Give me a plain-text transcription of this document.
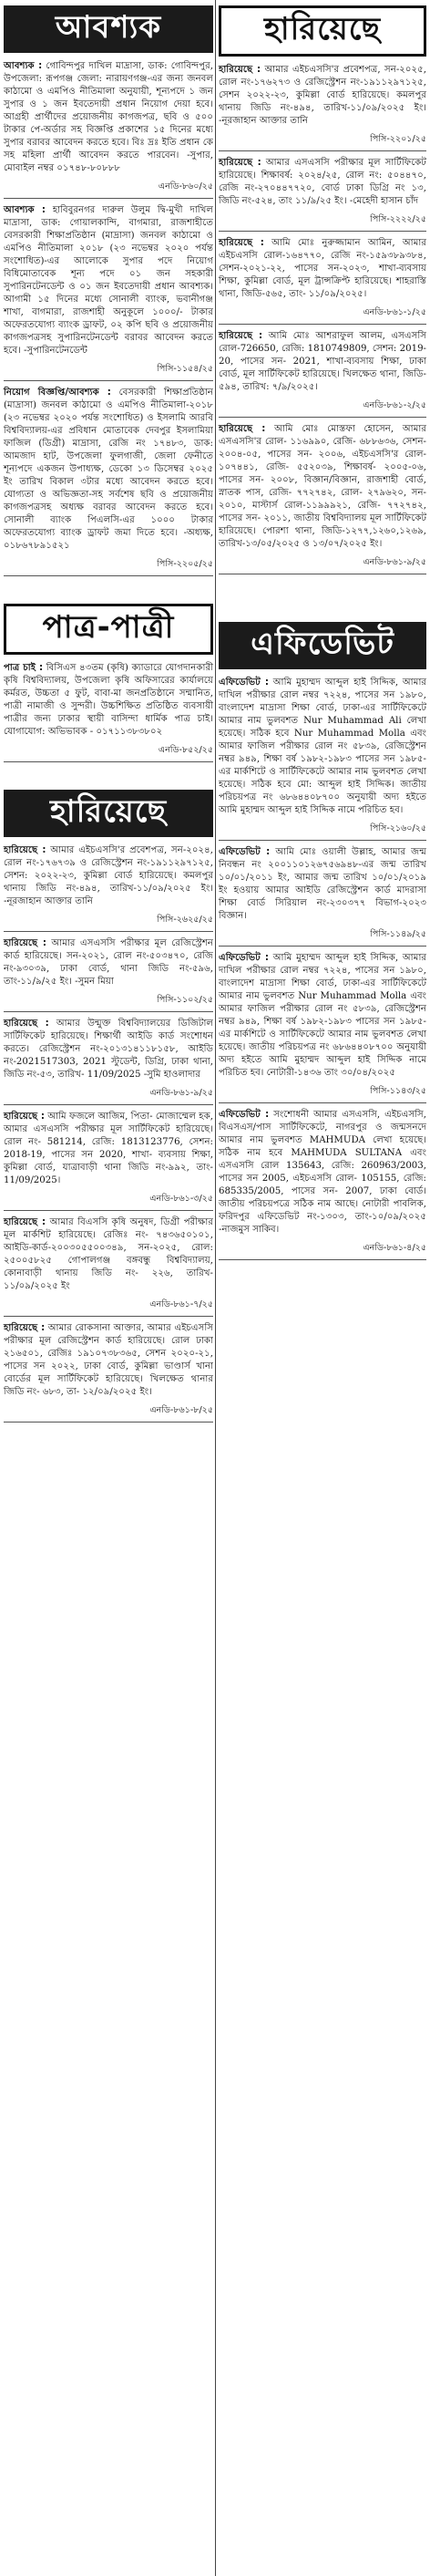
আবশ্যক
আবশ্যক : গোবিন্দপুর দাখিল মাদ্রাসা, ডাক: গোবিন্দপুর, উপজেলা: রূপগঞ্জ জেলা: নারায়ণগঞ্জ-এর জন্য জনবল কাঠামো ও এমপিও নীতিমালা অনুযায়ী, শূন্যপদে ১ জন সুপার ও ১ জন ইবতেদায়ী প্রধান নিয়োগ দেয়া হবে। আগ্রহী প্রার্থীদের প্রয়োজনীয় কাগজপত্র, ছবি ও ৫০০ টাকার পে-অর্ডার সহ বিজ্ঞপ্তি প্রকাশের ১৫ দিনের মধ্যে সুপার বরাবর আবেদন করতে হবে। বিঃ দ্রঃ ইতি প্রধান কে সহ মহিলা প্রার্থী আবেদন করতে পারবেন। -সুপার, মোবাইল নম্বর ০১৭৪৮-৮০৮৮৮
এনডি-৮৬০/২৫
আবশ্যক : হাবিবুরনগর দারুল উলুম দ্বি-মুখী দাখিল মাদ্রাসা, ডাক: গোয়ালকান্দি, বাগমারা, রাজশাহীতে বেসরকারী শিক্ষাপ্রতিষ্ঠান (মাদ্রাসা) জনবল কাঠামো ও এমপিও নীতিমালা ২০১৮ (২৩ নভেম্বর ২০২০ পর্যন্ত সংশোধিত)-এর আলোকে সুপার পদে নিয়োগ বিধিমোতাবেক শূন্য পদে ০১ জন সহকারী সুপারিনটেনডেন্ট ও ০১ জন ইবতেদায়ী প্রধান আবশ্যক। আগামী ১৫ দিনের মধ্যে সোনালী ব্যাংক, ভবানীগঞ্জ শাখা, বাগমারা, রাজশাহী অনুকূলে ১০০০/- টাকার অফেরতযোগ্য ব্যাংক ড্রাফট, ০২ কপি ছবি ও প্রয়োজনীয় কাগজপত্রসহ সুপারিনটেনডেন্ট বরাবর আবেদন করতে হবে। -সুপারিনটেনডেন্ট
পিসি-১১৫৪/২৫
নিয়োগ বিজ্ঞপ্তি/আবশ্যক : বেসরকারী শিক্ষাপ্রতিষ্ঠান (মাদ্রাসা) জনবল কাঠামো ও এমপিও নীতিমালা-২০১৮ (২৩ নভেম্বর ২০২০ পর্যন্ত সংশোধিত) ও ইসলামি আরবি বিশ্ববিদ্যালয়-এর প্রবিধান মোতাবেক দেবপুর ইসলামিয়া ফাজিল (ডিগ্রী) মাদ্রাসা, রেজি নং ১৭৪৮৩, ডাক: আমজাদ হাট, উপজেলা ফুলগাজী, জেলা ফেনীতে শূন্যপদে একজন উপাধ্যক্ষ, ডেকো ১৩ ডিসেম্বর ২০২৫ ইং তারিখ বিকাল ৩টার মধ্যে আবেদন করতে হবে। যোগ্যতা ও অভিজ্ঞতা-সহ সর্বশেষ ছবি ও প্রয়োজনীয় কাগজপত্রসহ অধ্যক্ষ বরাবর আবেদন করতে হবে। সোনালী ব্যাংক পিএলসি-এর ১০০০ টাকার অফেরতযোগ্য ব্যাংক ড্রাফট জমা দিতে হবে। -অধ্যক্ষ, ০১৮৬৭৮৯১৫২১
পিসি-২২০৫/২৫
পাত্র-পাত্রী
পাত্র চাই : বিসিএস ৪৩তম (কৃষি) ক্যাডারে যোগদানকারী কৃষি বিশ্ববিদ্যালয়, উপজেলা কৃষি অফিসারের কার্যালয়ে কর্মরত, উচ্চতা ৫ ফুট, বাবা-মা জনপ্রতিষ্ঠানে সম্মানিত, পাত্রী নামাজী ও সুন্দরী। উচ্চশিক্ষিত প্রতিষ্ঠিত ব্যবসায়ী পাত্রীর জন্য ঢাকার স্থায়ী বাসিন্দা ধার্মিক পাত্র চাই। যোগাযোগ: অভিভাবক - ০১৭১১৩৮৩৮০২
এনডি-৮৫২/২৫
হারিয়েছে
হারিয়েছে : আমার এইচএসসি'র প্রবেশপত্র, সন-২০২৪, রোল নং-১৭৬৭৩৯ ও রেজিস্ট্রেশন নং-১৯১১২৯৭১২৫, সেশন: ২০২২-২৩, কুমিল্লা বোর্ড হারিয়েছে। কমলপুর থানায় জিডি নং-৪৯৪, তারিখ-১১/০৯/২০২৫ ইং। -নূরজাহান আক্তার তানি
পিসি-২৬২৫/২৫
হারিয়েছে : আমার এসএসসি পরীক্ষার মূল রেজিস্ট্রেশন কার্ড হারিয়েছে। সন-২০২১, রোল নং-৫০৩৪৭০, রেজি নং-৯৩০৩৯, ঢাকা বোর্ড, থানা জিডি নং-৫৯৬, তাং-১১/৯/২৫ ইং। -সুমন মিয়া
পিসি-১১০২/২৫
হারিয়েছে : আমার উন্মুক্ত বিশ্ববিদ্যালয়ের ডিজিটাল সার্টিফিকেট হারিয়েছে। শিক্ষার্থী আইডি কার্ড সংশোধন করতে। রেজিস্ট্রেশন নং-২০১৩১৪১১৮১৫৮, আইডি নং-2021517303, 2021 স্টুডেন্ট, ডিগ্রি, ঢাকা থানা, জিডি নং-৫৩, তারিখ- 11/09/2025 -সুমি হাওলাদার
এনডি-৮৬১-৯/২৫
হারিয়েছে : আমি ফজলে আজিম, পিতা- মোজাম্মেল হক, আমার এসএসসি পরীক্ষার মূল সার্টিফিকেট হারিয়েছে। রোল নং- 581214, রেজি: 1813123776, সেশন: 2018-19, পাসের সন 2020, শাখা- ব্যবসায় শিক্ষা, কুমিল্লা বোর্ড, যাত্রাবাড়ী থানা জিডি নং-৯৯২, তাং- 11/09/2025।
এনডি-৮৬১-৩/২৫
হারিয়েছে : আমার বিএসসি কৃষি অনুষদ, ডিগ্রী পরীক্ষার মূল মার্কশিট হারিয়েছে। রেজিঃ নং- ৭৪৩৬৫০১০১, আইডি-কার্ড-২০০৩০৫৫০০৩৪৯, সন-২০২৫, রোল: ২৫০০৫৮২৫ গোপালগঞ্জ বঙ্গবন্ধু বিশ্ববিদ্যালয়, কোনাবাড়ী থানায় জিডি নং- ২২৬, তারিখ- ১১/০৯/২০২৫ ইং
এনডি-৮৬১-৭/২৫
হারিয়েছে : আমার রোকসানা আক্তার, আমার এইচএসসি পরীক্ষার মূল রেজিস্ট্রেশন কার্ড হারিয়েছে। রোল ঢাকা ২১৬৫০১, রেজিঃ ১৯১০৭৩৮৩৬৫, সেশন ২০২০-২১, পাসের সন ২০২২, ঢাকা বোর্ড, কুমিল্লা ভাণ্ডার্স খানা বোর্ডের মূল সার্টিফিকেট হারিয়েছে। খিলক্ষেত থানার জিডি নং- ৬৮৩, তা- ১২/০৯/২০২৫ ইং।
এনডি-৮৬১-৮/২৫
হারিয়েছে
হারিয়েছে : আমার এইচএসসি'র প্রবেশপত্র, সন-২০২৫, রোল নং-১৭৬২৭৩ ও রেজিস্ট্রেশন নং-১৯১১২৯৭১২৫, সেশন ২০২২-২৩, কুমিল্লা বোর্ড হারিয়েছে। কমলপুর থানায় জিডি নং-৪৯৪, তারিখ-১১/০৯/২০২৫ ইং। -নূরজাহান আক্তার তানি
পিসি-২২০১/২৫
হারিয়েছে : আমার এসএসসি পরীক্ষার মূল সার্টিফিকেট হারিয়েছে। শিক্ষাবর্ষ: ২০২৪/২৫, রোল নং: ৫০৪৪৭০, রেজি নং-২৭০৪৪৭৭২০, বোর্ড ঢাকা ডিগ্রি নং ১৩, জিডি নং-৫২৪, তাং ১১/৯/২৫ ইং। -মেহেদী হাসান চাঁদ
পিসি-২২২২/২৫
হারিয়েছে : আমি মোঃ নুরুজ্জামান আমিন, আমার এইচএসসি রোল-১৬৪৭৭০, রেজি নং-১৫৯৩৮৯৩৮৪, সেশন-২০২১-২২, পাসের সন-২০২৩, শাখা-ব্যবসায় শিক্ষা, কুমিল্লা বোর্ড, মূল ট্রান্সক্রিপ্ট হারিয়েছে। শাহরাস্তি থানা, জিডি-৫৬৫, তাং- ১১/০৯/২০২৫।
এনডি-৮৬১-১/২৫
হারিয়েছে : আমি মোঃ আশরাফুল আলম, এসএসসি রোল-726650, রেজি: 1810749809, সেশন: 2019-20, পাসের সন- 2021, শাখা-ব্যবসায় শিক্ষা, ঢাকা বোর্ড, মূল সার্টিফিকেট হারিয়েছে। খিলক্ষেত থানা, জিডি- ৫৯৪, তারিখ: ৭/৯/২০২৫।
এনডি-৮৬১-২/২৫
হারিয়েছে : আমি মোঃ মোস্তফা হোসেন, আমার এসএসসি'র রোল- ১১৬৯৯০, রেজি- ৬৮৮৬৩৬, সেশন- ২০০৪-০৫, পাসের সন- ২০০৬, এইচএসসি'র রোল- ১০৭৪৪১, রেজি- ৫৫২০৩৯, শিক্ষাবর্ষ- ২০০৫-০৬, পাসের সন- ২০০৮, বিজ্ঞান/বিজ্ঞান, রাজশাহী বোর্ড, স্নাতক পাস, রেজি- ৭৭২৭৪২, রোল- ২৭৯৬২০, সন- ২০১০, মাস্টার্স রোল-১১৯৯৯২১, রেজি- ৭৭২৭৪২, পাসের সন- ২০১১, জাতীয় বিশ্ববিদ্যালয় মূল সার্টিফিকেট হারিয়েছে। পোরশা থানা, জিডি-১২৭৭,১২৬০,১২৬৯, তারিখ-১৩/০৫/২০২৫ ও ১৩/০৭/২০২৫ ইং।
এনডি-৮৬১-৯/২৫
এফিডেভিট
এফিডেভিট : আমি মুহাম্মদ আব্দুল হাই সিদ্দিক, আমার দাখিল পরীক্ষার রোল নম্বর ৭২২৪, পাসের সন ১৯৮০, বাংলাদেশ মাদ্রাসা শিক্ষা বোর্ড, ঢাকা-এর সার্টিফিকেটে আমার নাম ভুলবশত Nur Muhammad Ali লেখা হয়েছে। সঠিক হবে Nur Muhammad Molla এবং আমার ফাজিল পরীক্ষার রোল নং ৫৮৩৯, রেজিস্ট্রেশন নম্বর ৯৪৯, শিক্ষা বর্ষ ১৯৮২-১৯৮৩ পাসের সন ১৯৮৫-এর মার্কশিটে ও সার্টিফিকেটে আমার নাম ভুলবশত লেখা হয়েছে। সঠিক হবে মো: আব্দুল হাই সিদ্দিক। জাতীয় পরিচয়পত্র নং ৬৮৬৪৪০৮৭০০ অনুযায়ী অদ্য হইতে আমি মুহাম্মদ আব্দুল হাই সিদ্দিক নামে পরিচিত হব।
পিসি-২১৬০/২৫
এফিডেভিট : আমি মোঃ ওয়ালী উল্লাহ, আমার জন্ম নিবন্ধন নং ২০০১১০১২৬৭৫৬৯৪৮-এর জন্ম তারিখ ১০/০১/২০১১ ইং, আমার জন্ম তারিখ ১০/০১/২০১৯ ইং হওয়ায় আমার আইডি রেজিস্ট্রেশন কার্ড মাদরাসা শিক্ষা বোর্ড সিরিয়াল নং-২৩০৩৭৭ বিভাগ-২০২৩ বিজ্ঞান।
পিসি-১১৪৯/২৫
এফিডেভিট : আমি মুহাম্মদ আব্দুল হাই সিদ্দিক, আমার দাখিল পরীক্ষার রোল নম্বর ৭২২৪, পাসের সন ১৯৮০, বাংলাদেশ মাদ্রাসা শিক্ষা বোর্ড, ঢাকা-এর সার্টিফিকেটে আমার নাম ভুলবশত Nur Muhammad Molla এবং আমার ফাজিল পরীক্ষার রোল নং ৫৮৩৯, রেজিস্ট্রেশন নম্বর ৯৪৯, শিক্ষা বর্ষ ১৯৮২-১৯৮৩ পাসের সন ১৯৮৫-এর মার্কশিটে ও সার্টিফিকেটে আমার নাম ভুলবশত লেখা হয়েছে। জাতীয় পরিচয়পত্র নং ৬৮৬৪৪০৮৭০০ অনুযায়ী অদ্য হইতে আমি মুহাম্মদ আব্দুল হাই সিদ্দিক নামে পরিচিত হব। নোটারী-১৪৩৬ তাং ৩০/০৪/২০২৫
পিসি-১১৪৩/২৫
এফিডেভিট : সংশোধনী আমার এসএসসি, এইচএসসি, বিএসএস/পাস সার্টিফিকেটে, নাগরপুর ও জন্মসনদে আমার নাম ভুলবশত MAHMUDA লেখা হয়েছে। সঠিক নাম হবে MAHMUDA SULTANA এবং এসএসসি রোল 135643, রেজি: 260963/2003, পাসের সন 2005, এইচএসসি রোল- 105155, রেজি: 685335/2005, পাসের সন- 2007, ঢাকা বোর্ড। জাতীয় পরিচয়পত্রে সঠিক নাম আছে। নোটারী পাবলিক, ফরিদপুর এফিডেভিট নং-১৩০৩, তাং-১০/০৯/২০২৫ -নাজমুস সাকিব।
এনডি-৮৬১-৪/২৫
